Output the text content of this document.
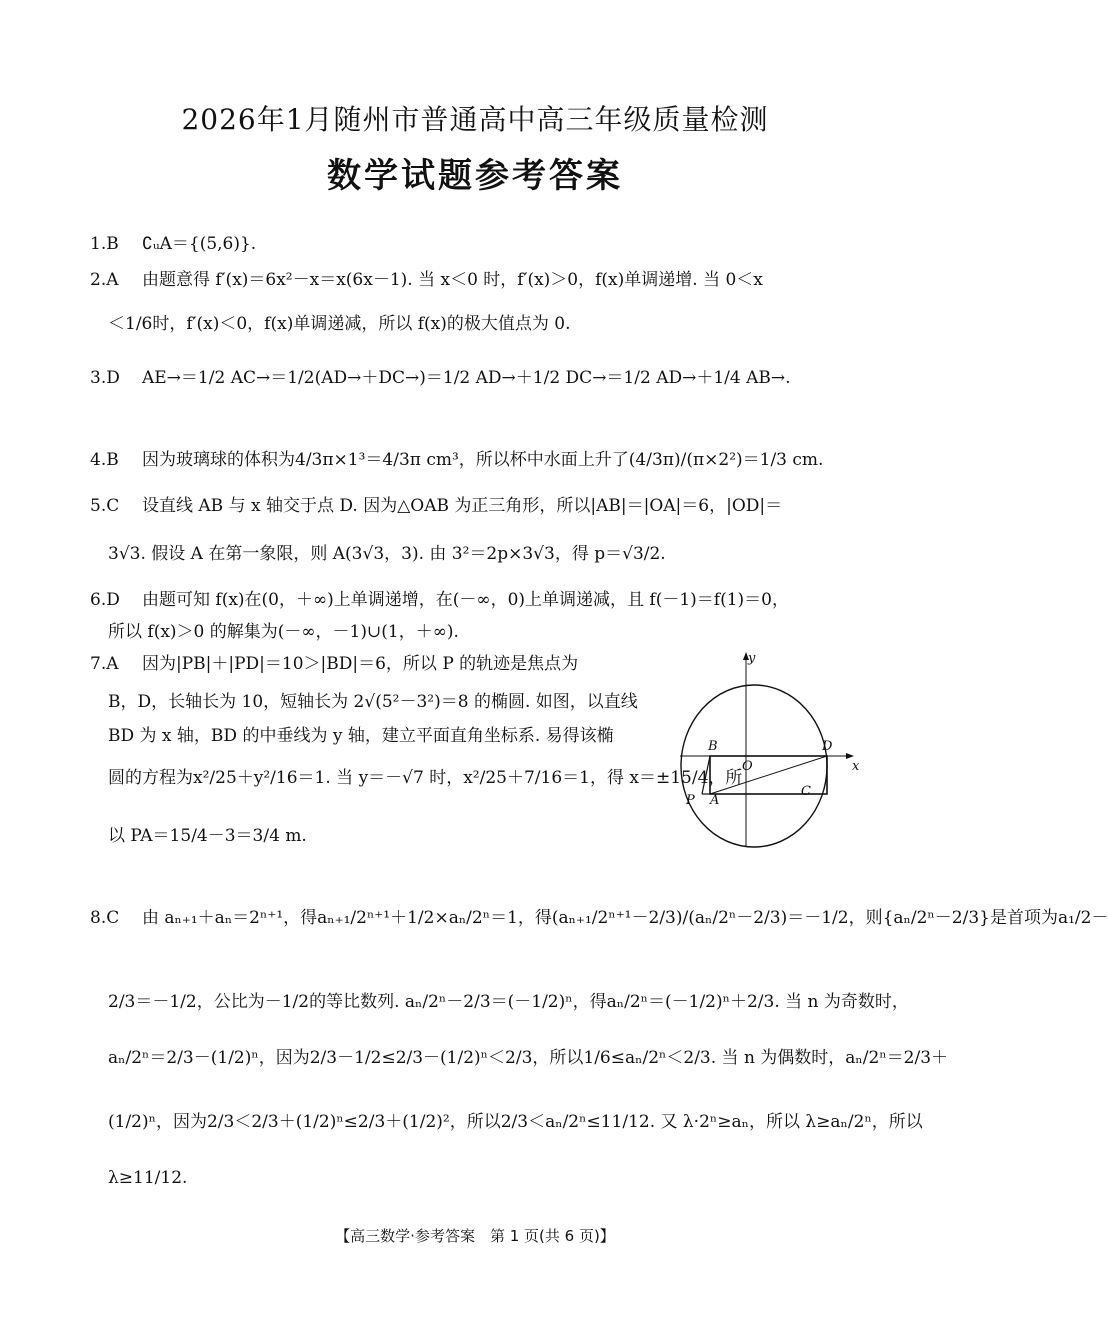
2026年1月随州市普通高中高三年级质量检测
数学试题参考答案
1.B ∁ᵤA＝{(5,6)}.
2.A 由题意得 f′(x)＝6x²－x＝x(6x－1). 当 x＜0 时，f′(x)＞0，f(x)单调递增. 当 0＜x
＜1/6时，f′(x)＜0，f(x)单调递减，所以 f(x)的极大值点为 0.
3.D AE→＝1/2 AC→＝1/2(AD→＋DC→)＝1/2 AD→＋1/2 DC→＝1/2 AD→＋1/4 AB→.
4.B 因为玻璃球的体积为4/3π×1³＝4/3π cm³，所以杯中水面上升了(4/3π)/(π×2²)＝1/3 cm.
5.C 设直线 AB 与 x 轴交于点 D. 因为△OAB 为正三角形，所以|AB|＝|OA|＝6，|OD|＝
3√3. 假设 A 在第一象限，则 A(3√3，3). 由 3²＝2p×3√3，得 p＝√3/2.
6.D 由题可知 f(x)在(0，＋∞)上单调递增，在(－∞，0)上单调递减，且 f(－1)＝f(1)＝0，
所以 f(x)＞0 的解集为(－∞，－1)∪(1，＋∞).
7.A 因为|PB|＋|PD|＝10＞|BD|＝6，所以 P 的轨迹是焦点为
B，D，长轴长为 10，短轴长为 2√(5²－3²)＝8 的椭圆. 如图，以直线
BD 为 x 轴，BD 的中垂线为 y 轴，建立平面直角坐标系. 易得该椭
圆的方程为x²/25＋y²/16＝1. 当 y＝－√7 时，x²/25＋7/16＝1，得 x＝±15/4，所
以 PA＝15/4－3＝3/4 m.
y
x
B	D
O
P A
C
8.C 由 aₙ₊₁＋aₙ＝2ⁿ⁺¹，得aₙ₊₁/2ⁿ⁺¹＋1/2×aₙ/2ⁿ＝1，得(aₙ₊₁/2ⁿ⁺¹－2/3)/(aₙ/2ⁿ－2/3)＝－1/2，则{aₙ/2ⁿ－2/3}是首项为a₁/2－
2/3＝－1/2，公比为－1/2的等比数列. aₙ/2ⁿ－2/3＝(－1/2)ⁿ，得aₙ/2ⁿ＝(－1/2)ⁿ＋2/3. 当 n 为奇数时，
aₙ/2ⁿ＝2/3－(1/2)ⁿ，因为2/3－1/2≤2/3－(1/2)ⁿ＜2/3，所以1/6≤aₙ/2ⁿ＜2/3. 当 n 为偶数时，aₙ/2ⁿ＝2/3＋
(1/2)ⁿ，因为2/3＜2/3＋(1/2)ⁿ≤2/3＋(1/2)²，所以2/3＜aₙ/2ⁿ≤11/12. 又 λ·2ⁿ≥aₙ，所以 λ≥aₙ/2ⁿ，所以
λ≥11/12.
【高三数学·参考答案　第 1 页(共 6 页)】
